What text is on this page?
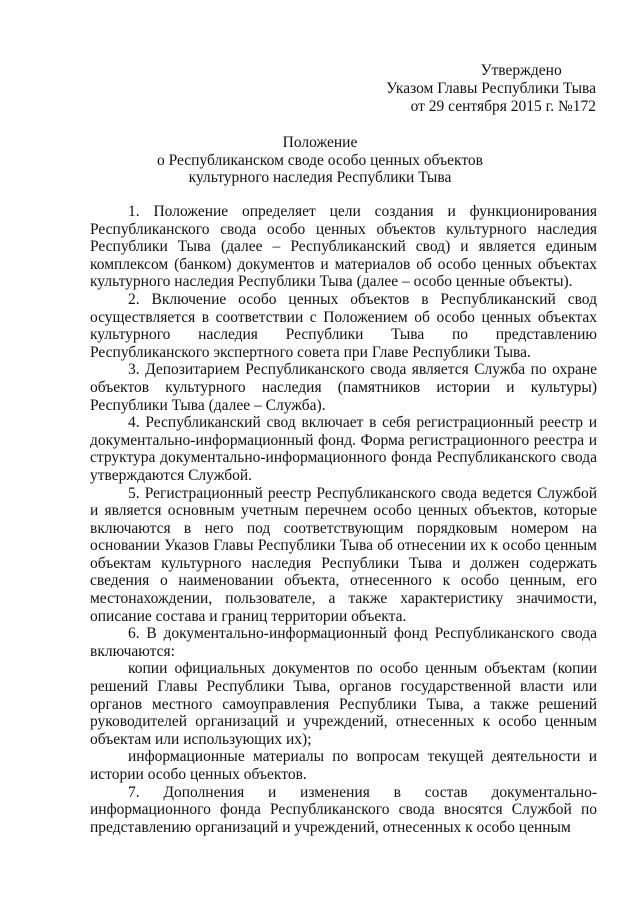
Утверждено
Указом Главы Республики Тыва
от 29 сентября 2015 г. №172
Положение
о Республиканском своде особо ценных объектов
культурного наследия Республики Тыва

1. Положение определяет цели создания и функционирования Республиканского свода особо ценных объектов культурного наследия Республики Тыва (далее – Республиканский свод) и является единым комплексом (банком) документов и материалов об особо ценных объектах культурного наследия Республики Тыва (далее – особо ценные объекты).

2. Включение особо ценных объектов в Республиканский свод осуществляется в соответствии с Положением об особо ценных объектах культурного наследия Республики Тыва по представлению Республиканского экспертного совета при Главе Республики Тыва.

3. Депозитарием Республиканского свода является Служба по охране объектов культурного наследия (памятников истории и культуры) Республики Тыва (далее – Служба).

4. Республиканский свод включает в себя регистрационный реестр и документально-информационный фонд. Форма регистрационного реестра и структура документально-информационного фонда Республиканского свода утверждаются Службой.

5. Регистрационный реестр Республиканского свода ведется Службой и является основным учетным перечнем особо ценных объектов, которые включаются в него под соответствующим порядковым номером на основании Указов Главы Республики Тыва об отнесении их к особо ценным объектам культурного наследия Республики Тыва и должен содержать сведения о наименовании объекта, отнесенного к особо ценным, его местонахождении, пользователе, а также характеристику значимости, описание состава и границ территории объекта.

6. В документально-информационный фонд Республиканского свода включаются:

копии официальных документов по особо ценным объектам (копии решений Главы Республики Тыва, органов государственной власти или органов местного самоуправления Республики Тыва, а также решений руководителей организаций и учреждений, отнесенных к особо ценным объектам или использующих их);

информационные материалы по вопросам текущей деятельности и истории особо ценных объектов.

7. Дополнения и изменения в состав документально-информационного фонда Республиканского свода вносятся Службой по представлению организаций и учреждений, отнесенных к особо ценным
